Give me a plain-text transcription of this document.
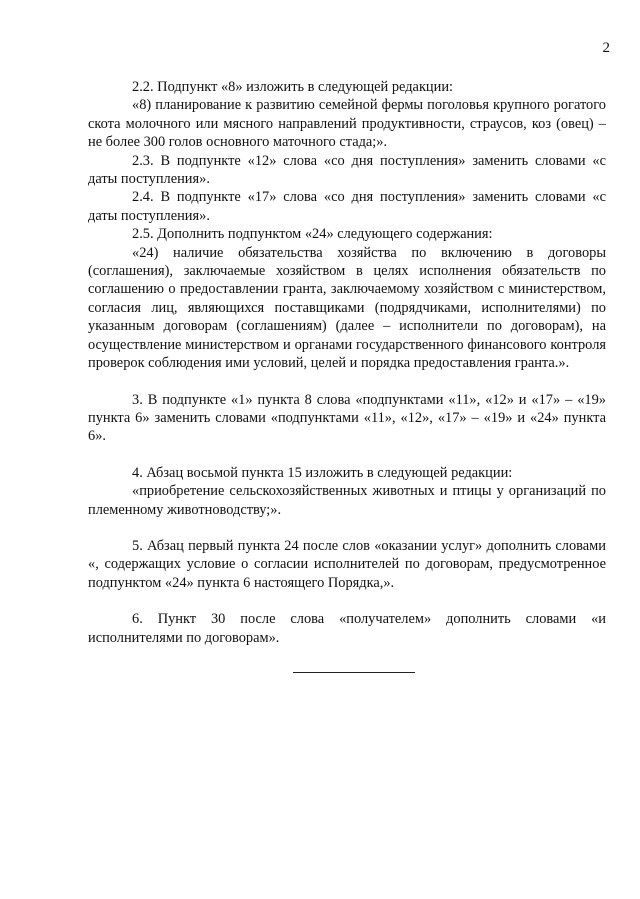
2

2.2. Подпункт «8» изложить в следующей редакции:

«8) планирование к развитию семейной фермы поголовья крупного рогатого скота молочного или мясного направлений продуктивности, страусов, коз (овец) – не более 300 голов основного маточного стада;».

2.3. В подпункте «12» слова «со дня поступления» заменить словами «с даты поступления».

2.4. В подпункте «17» слова «со дня поступления» заменить словами «с даты поступления».

2.5. Дополнить подпунктом «24» следующего содержания:

«24) наличие обязательства хозяйства по включению в договоры (соглашения), заключаемые хозяйством в целях исполнения обязательств по соглашению о предоставлении гранта, заключаемому хозяйством с министерством, согласия лиц, являющихся поставщиками (подрядчиками, исполнителями) по указанным договорам (соглашениям) (далее – исполнители по договорам), на осуществление министерством и органами государственного финансового контроля проверок соблюдения ими условий, целей и порядка предоставления гранта.».

3. В подпункте «1» пункта 8 слова «подпунктами «11», «12» и «17» – «19» пункта 6» заменить словами «подпунктами «11», «12», «17» – «19» и «24» пункта 6».

4. Абзац восьмой пункта 15 изложить в следующей редакции:

«приобретение сельскохозяйственных животных и птицы у организаций по племенному животноводству;».

5. Абзац первый пункта 24 после слов «оказании услуг» дополнить словами «, содержащих условие о согласии исполнителей по договорам, предусмотренное подпунктом «24» пункта 6 настоящего Порядка,».

6. Пункт 30 после слова «получателем» дополнить словами «и исполнителями по договорам».
